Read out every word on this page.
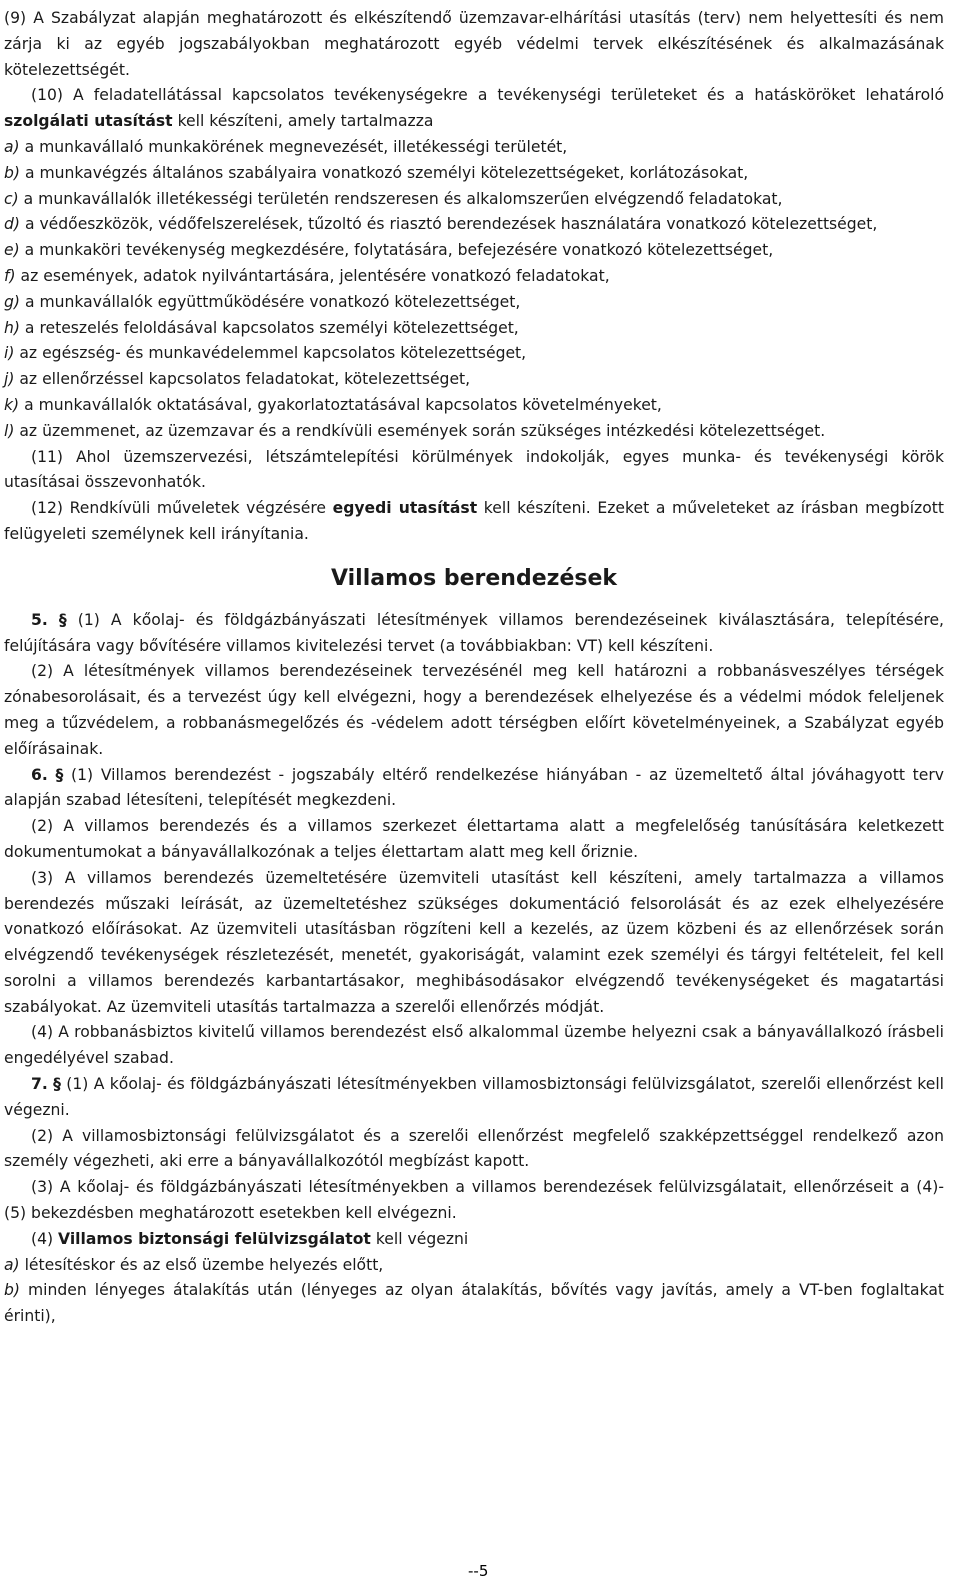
(9) A Szabályzat alapján meghatározott és elkészítendő üzemzavar-elhárítási utasítás (terv) nem helyettesíti és nem zárja ki az egyéb jogszabályokban meghatározott egyéb védelmi tervek elkészítésének és alkalmazásának kötelezettségét.

(10) A feladatellátással kapcsolatos tevékenységekre a tevékenységi területeket és a hatásköröket lehatároló szolgálati utasítást kell készíteni, amely tartalmazza

a) a munkavállaló munkakörének megnevezését, illetékességi területét,

b) a munkavégzés általános szabályaira vonatkozó személyi kötelezettségeket, korlátozásokat,

c) a munkavállalók illetékességi területén rendszeresen és alkalomszerűen elvégzendő feladatokat,

d) a védőeszközök, védőfelszerelések, tűzoltó és riasztó berendezések használatára vonatkozó kötelezettséget,

e) a munkaköri tevékenység megkezdésére, folytatására, befejezésére vonatkozó kötelezettséget,

f) az események, adatok nyilvántartására, jelentésére vonatkozó feladatokat,

g) a munkavállalók együttműködésére vonatkozó kötelezettséget,

h) a reteszelés feloldásával kapcsolatos személyi kötelezettséget,

i) az egészség- és munkavédelemmel kapcsolatos kötelezettséget,

j) az ellenőrzéssel kapcsolatos feladatokat, kötelezettséget,

k) a munkavállalók oktatásával, gyakorlatoztatásával kapcsolatos követelményeket,

l) az üzemmenet, az üzemzavar és a rendkívüli események során szükséges intézkedési kötelezettséget.

(11) Ahol üzemszervezési, létszámtelepítési körülmények indokolják, egyes munka- és tevékenységi körök utasításai összevonhatók.

(12) Rendkívüli műveletek végzésére egyedi utasítást kell készíteni. Ezeket a műveleteket az írásban megbízott felügyeleti személynek kell irányítania.

Villamos berendezések

5. § (1) A kőolaj- és földgázbányászati létesítmények villamos berendezéseinek kiválasztására, telepítésére, felújítására vagy bővítésére villamos kivitelezési tervet (a továbbiakban: VT) kell készíteni.

(2) A létesítmények villamos berendezéseinek tervezésénél meg kell határozni a robbanásveszélyes térségek zónabesorolásait, és a tervezést úgy kell elvégezni, hogy a berendezések elhelyezése és a védelmi módok feleljenek meg a tűzvédelem, a robbanásmegelőzés és -védelem adott térségben előírt követelményeinek, a Szabályzat egyéb előírásainak.

6. § (1) Villamos berendezést - jogszabály eltérő rendelkezése hiányában - az üzemeltető által jóváhagyott terv alapján szabad létesíteni, telepítését megkezdeni.

(2) A villamos berendezés és a villamos szerkezet élettartama alatt a megfelelőség tanúsítására keletkezett dokumentumokat a bányavállalkozónak a teljes élettartam alatt meg kell őriznie.

(3) A villamos berendezés üzemeltetésére üzemviteli utasítást kell készíteni, amely tartalmazza a villamos berendezés műszaki leírását, az üzemeltetéshez szükséges dokumentáció felsorolását és az ezek elhelyezésére vonatkozó előírásokat. Az üzemviteli utasításban rögzíteni kell a kezelés, az üzem közbeni és az ellenőrzések során elvégzendő tevékenységek részletezését, menetét, gyakoriságát, valamint ezek személyi és tárgyi feltételeit, fel kell sorolni a villamos berendezés karbantartásakor, meghibásodásakor elvégzendő tevékenységeket és magatartási szabályokat. Az üzemviteli utasítás tartalmazza a szerelői ellenőrzés módját.

(4) A robbanásbiztos kivitelű villamos berendezést első alkalommal üzembe helyezni csak a bányavállalkozó írásbeli engedélyével szabad.

7. § (1) A kőolaj- és földgázbányászati létesítményekben villamosbiztonsági felülvizsgálatot, szerelői ellenőrzést kell végezni.

(2) A villamosbiztonsági felülvizsgálatot és a szerelői ellenőrzést megfelelő szakképzettséggel rendelkező azon személy végezheti, aki erre a bányavállalkozótól megbízást kapott.

(3) A kőolaj- és földgázbányászati létesítményekben a villamos berendezések felülvizsgálatait, ellenőrzéseit a (4)-(5) bekezdésben meghatározott esetekben kell elvégezni.

(4) Villamos biztonsági felülvizsgálatot kell végezni

a) létesítéskor és az első üzembe helyezés előtt,

b) minden lényeges átalakítás után (lényeges az olyan átalakítás, bővítés vagy javítás, amely a VT-ben foglaltakat érinti),

--5
